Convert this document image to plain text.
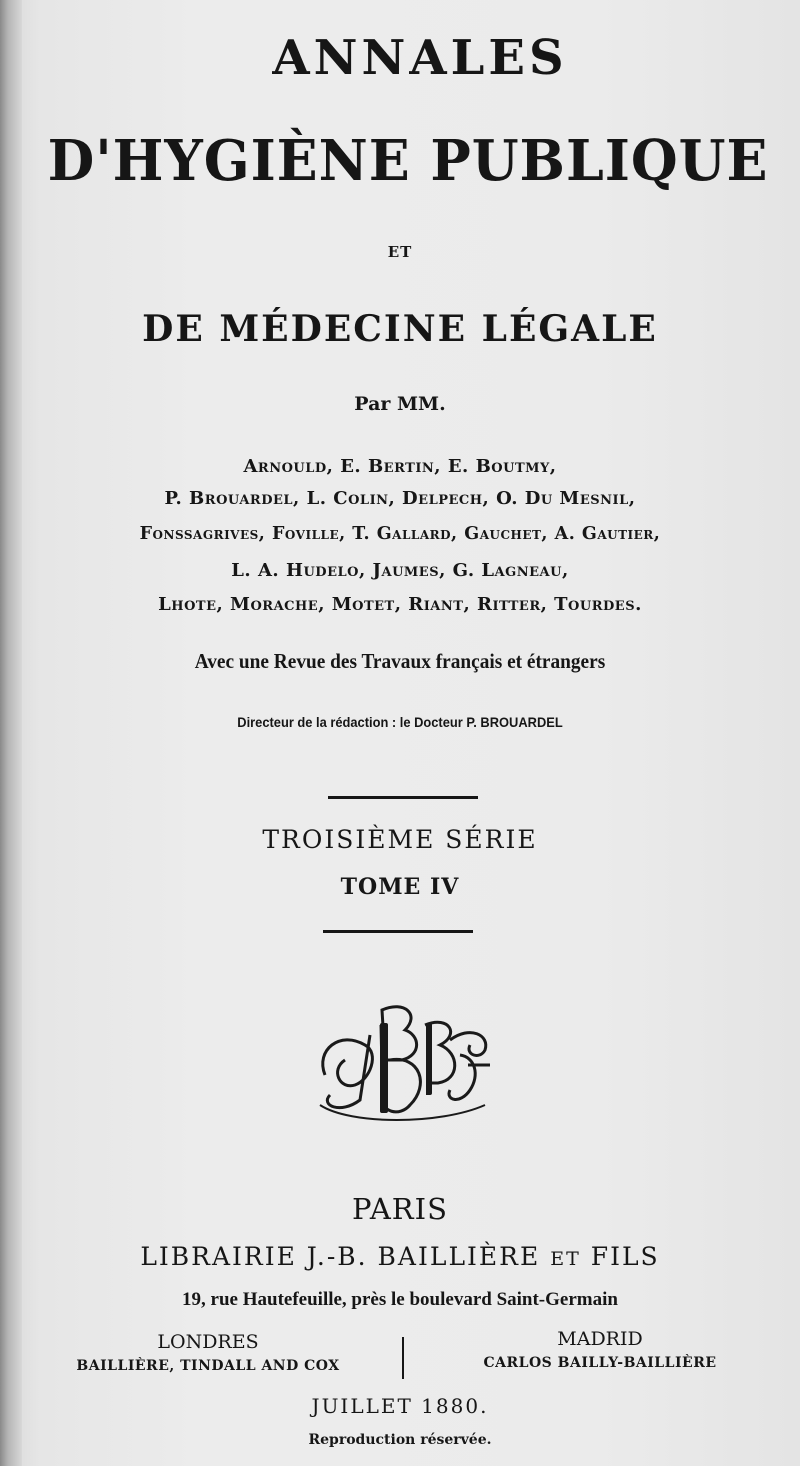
ANNALES
D'HYGIÈNE PUBLIQUE
ET
DE MÉDECINE LÉGALE
Par MM.
Arnould, E. Bertin, E. Boutmy,
P. Brouardel, L. Colin, Delpech, O. Du Mesnil,
Fonssagrives, Foville, T. Gallard, Gauchet, A. Gautier,
L. A. Hudelo, Jaumes, G. Lagneau,
Lhote, Morache, Motet, Riant, Ritter, Tourdes.
Avec une Revue des Travaux français et étrangers
Directeur de la rédaction : le Docteur P. BROUARDEL
TROISIÈME SÉRIE
TOME IV
PARIS
LIBRAIRIE J.-B. BAILLIÈRE ET FILS
19, rue Hautefeuille, près le boulevard Saint-Germain
LONDRES
BAILLIÈRE, TINDALL AND COX
MADRID
CARLOS BAILLY-BAILLIÈRE
JUILLET 1880.
Reproduction réservée.
